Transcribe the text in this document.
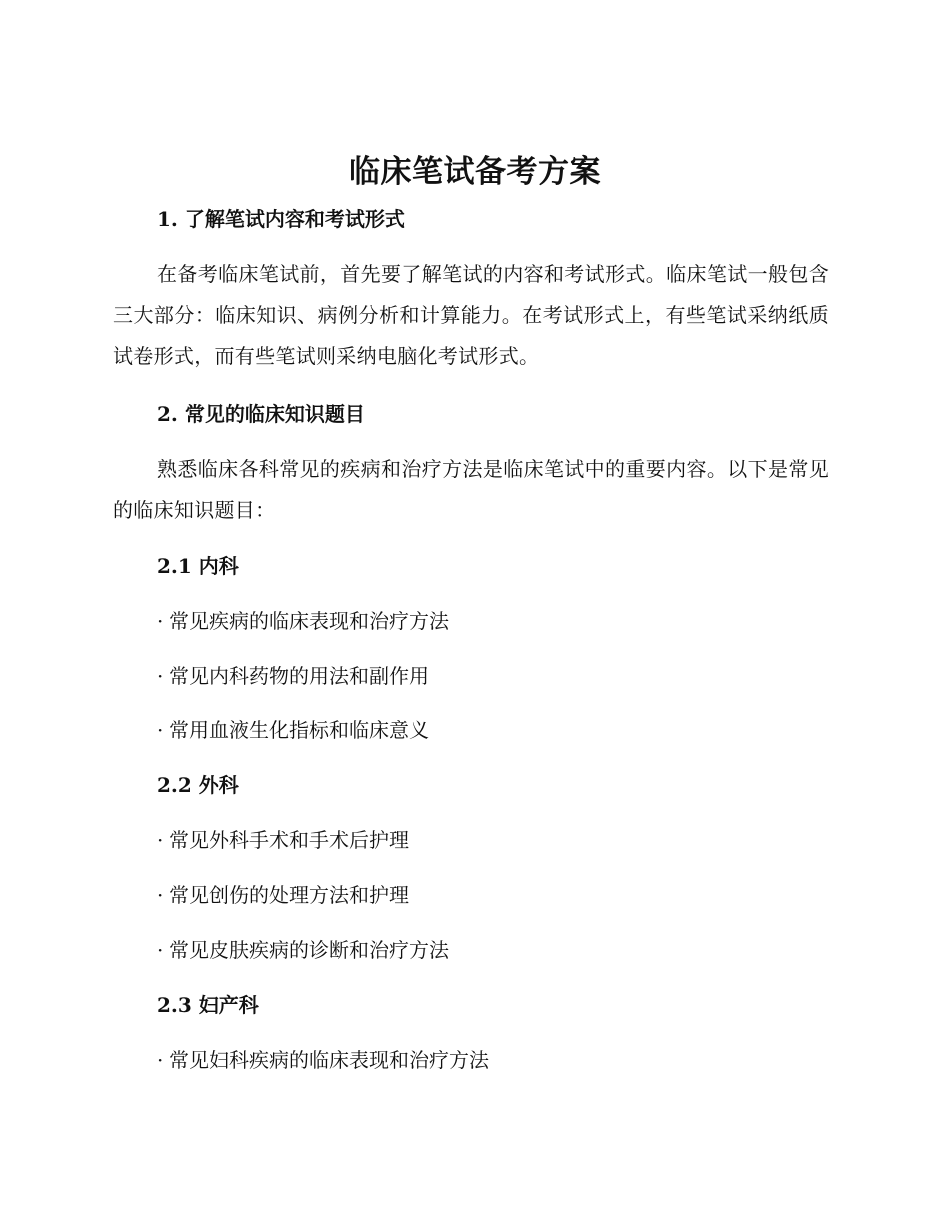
临床笔试备考方案
1. 了解笔试内容和考试形式
在备考临床笔试前，首先要了解笔试的内容和考试形式。临床笔试一般包含三大部分：临床知识、病例分析和计算能力。在考试形式上，有些笔试采纳纸质试卷形式，而有些笔试则采纳电脑化考试形式。
2. 常见的临床知识题目
熟悉临床各科常见的疾病和治疗方法是临床笔试中的重要内容。以下是常见的临床知识题目：
2.1 内科
· 常见疾病的临床表现和治疗方法
· 常见内科药物的用法和副作用
· 常用血液生化指标和临床意义
2.2 外科
· 常见外科手术和手术后护理
· 常见创伤的处理方法和护理
· 常见皮肤疾病的诊断和治疗方法
2.3 妇产科
· 常见妇科疾病的临床表现和治疗方法
